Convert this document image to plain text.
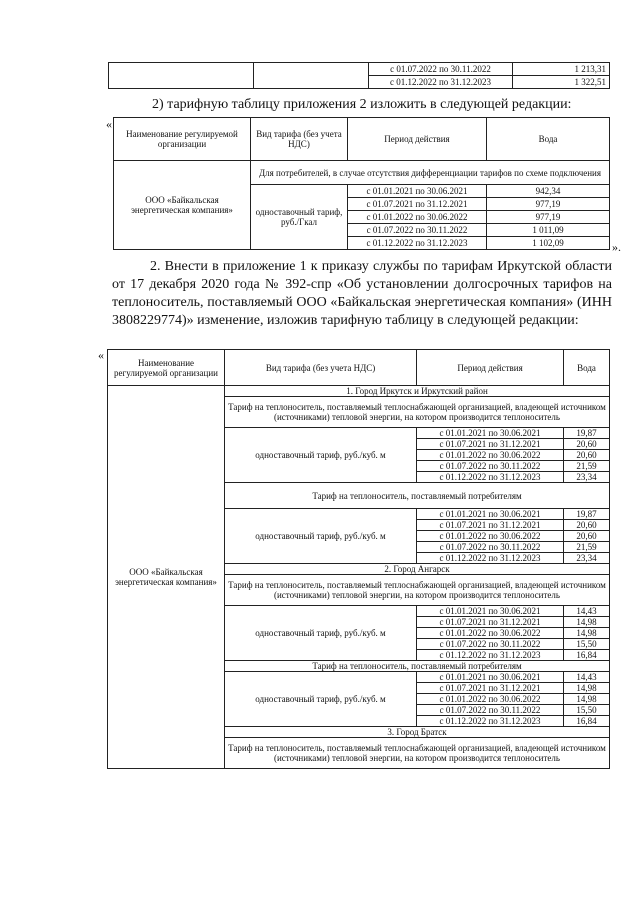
		с 01.07.2022 по 30.11.2022	1 213,31
		с 01.12.2022 по 31.12.2023	1 322,51
2) тарифную таблицу приложения 2 изложить в следующей редакции:
«
Наименование регулируемой организации	Вид тарифа (без учета НДС)	Период действия	Вода
ООО «Байкальская энергетическая компания»	Для потребителей, в случае отсутствия дифференциации тарифов по схеме подключения		
	одноставочный тариф, руб./Гкал	с 01.01.2021 по 30.06.2021	942,34
		с 01.07.2021 по 31.12.2021	977,19
		с 01.01.2022 по 30.06.2022	977,19
		с 01.07.2022 по 30.11.2022	1 011,09
		с 01.12.2022 по 31.12.2023	1 102,09	».
2. Внести в приложение 1 к приказу службы по тарифам Иркутской области от 17 декабря 2020 года № 392-спр «Об установлении долгосрочных тарифов на теплоноситель, поставляемый ООО «Байкальская энергетическая компания» (ИНН 3808229774)» изменение, изложив тарифную таблицу в следующей редакции:
«
Наименование регулируемой организации	Вид тарифа (без учета НДС)	Период действия	Вода
ООО «Байкальская энергетическая компания»	1. Город Иркутск и Иркутский район		
	Тариф на теплоноситель, поставляемый теплоснабжающей организацией, владеющей источником (источниками) тепловой энергии, на котором производится теплоноситель		
	одноставочный тариф, руб./куб. м	с 01.01.2021 по 30.06.2021	19,87
		с 01.07.2021 по 31.12.2021	20,60
		с 01.01.2022 по 30.06.2022	20,60
		с 01.07.2022 по 30.11.2022	21,59
		с 01.12.2022 по 31.12.2023	23,34
	Тариф на теплоноситель, поставляемый потребителям		
	одноставочный тариф, руб./куб. м	с 01.01.2021 по 30.06.2021	19,87
		с 01.07.2021 по 31.12.2021	20,60
		с 01.01.2022 по 30.06.2022	20,60
		с 01.07.2022 по 30.11.2022	21,59
		с 01.12.2022 по 31.12.2023	23,34
	2. Город Ангарск		
	Тариф на теплоноситель, поставляемый теплоснабжающей организацией, владеющей источником (источниками) тепловой энергии, на котором производится теплоноситель		
	одноставочный тариф, руб./куб. м	с 01.01.2021 по 30.06.2021	14,43
		с 01.07.2021 по 31.12.2021	14,98
		с 01.01.2022 по 30.06.2022	14,98
		с 01.07.2022 по 30.11.2022	15,50
		с 01.12.2022 по 31.12.2023	16,84
	Тариф на теплоноситель, поставляемый потребителям		
	одноставочный тариф, руб./куб. м	с 01.01.2021 по 30.06.2021	14,43
		с 01.07.2021 по 31.12.2021	14,98
		с 01.01.2022 по 30.06.2022	14,98
		с 01.07.2022 по 30.11.2022	15,50
		с 01.12.2022 по 31.12.2023	16,84
	3. Город Братск		
	Тариф на теплоноситель, поставляемый теплоснабжающей организацией, владеющей источником (источниками) тепловой энергии, на котором производится теплоноситель		
